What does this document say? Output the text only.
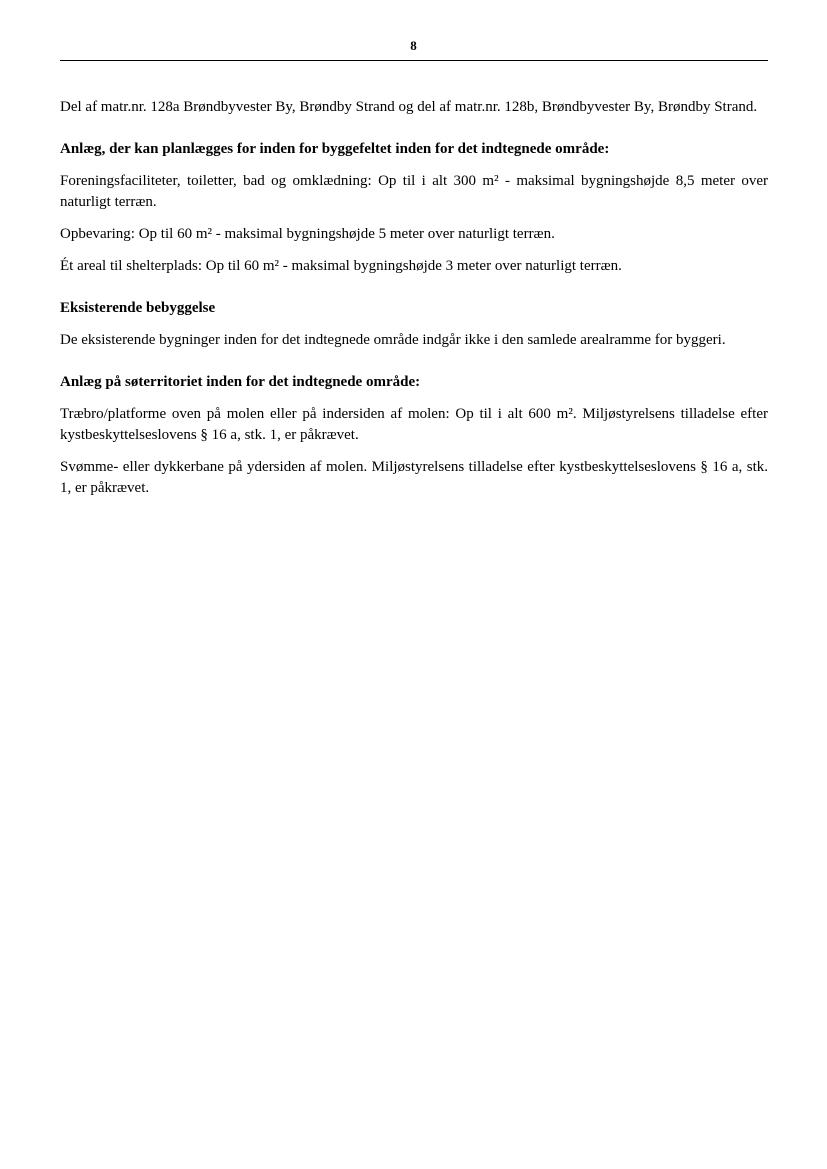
8

Del af matr.nr. 128a Brøndbyvester By, Brøndby Strand og del af matr.nr. 128b, Brøndbyvester By, Brøndby Strand.

Anlæg, der kan planlægges for inden for byggefeltet inden for det indtegnede område:

Foreningsfaciliteter, toiletter, bad og omklædning: Op til i alt 300 m² - maksimal bygningshøjde 8,5 meter over naturligt terræn.

Opbevaring: Op til 60 m² - maksimal bygningshøjde 5 meter over naturligt terræn.

Ét areal til shelterplads: Op til 60 m² - maksimal bygningshøjde 3 meter over naturligt terræn.

Eksisterende bebyggelse

De eksisterende bygninger inden for det indtegnede område indgår ikke i den samlede arealramme for byggeri.

Anlæg på søterritoriet inden for det indtegnede område:

Træbro/platforme oven på molen eller på indersiden af molen: Op til i alt 600 m². Miljøstyrelsens tilladelse efter kystbeskyttelseslovens § 16 a, stk. 1, er påkrævet.

Svømme- eller dykkerbane på ydersiden af molen. Miljøstyrelsens tilladelse efter kystbeskyttelseslovens § 16 a, stk. 1, er påkrævet.
